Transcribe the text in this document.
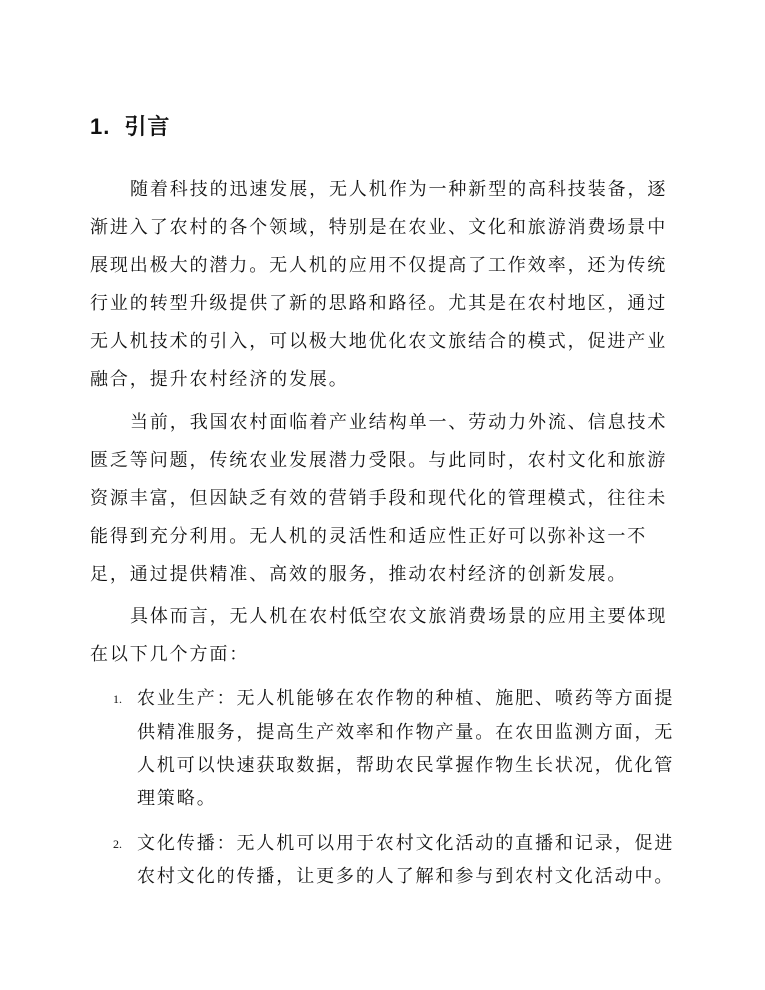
1. 引言
随着科技的迅速发展，无人机作为一种新型的高科技装备，逐
渐进入了农村的各个领域，特别是在农业、文化和旅游消费场景中
展现出极大的潜力。无人机的应用不仅提高了工作效率，还为传统
行业的转型升级提供了新的思路和路径。尤其是在农村地区，通过
无人机技术的引入，可以极大地优化农文旅结合的模式，促进产业
融合，提升农村经济的发展。
当前，我国农村面临着产业结构单一、劳动力外流、信息技术
匮乏等问题，传统农业发展潜力受限。与此同时，农村文化和旅游
资源丰富，但因缺乏有效的营销手段和现代化的管理模式，往往未
能得到充分利用。无人机的灵活性和适应性正好可以弥补这一不
足，通过提供精准、高效的服务，推动农村经济的创新发展。
具体而言，无人机在农村低空农文旅消费场景的应用主要体现
在以下几个方面：
1. 农业生产：无人机能够在农作物的种植、施肥、喷药等方面提
供精准服务，提高生产效率和作物产量。在农田监测方面，无
人机可以快速获取数据，帮助农民掌握作物生长状况，优化管
理策略。
2. 文化传播：无人机可以用于农村文化活动的直播和记录，促进
农村文化的传播，让更多的人了解和参与到农村文化活动中。
